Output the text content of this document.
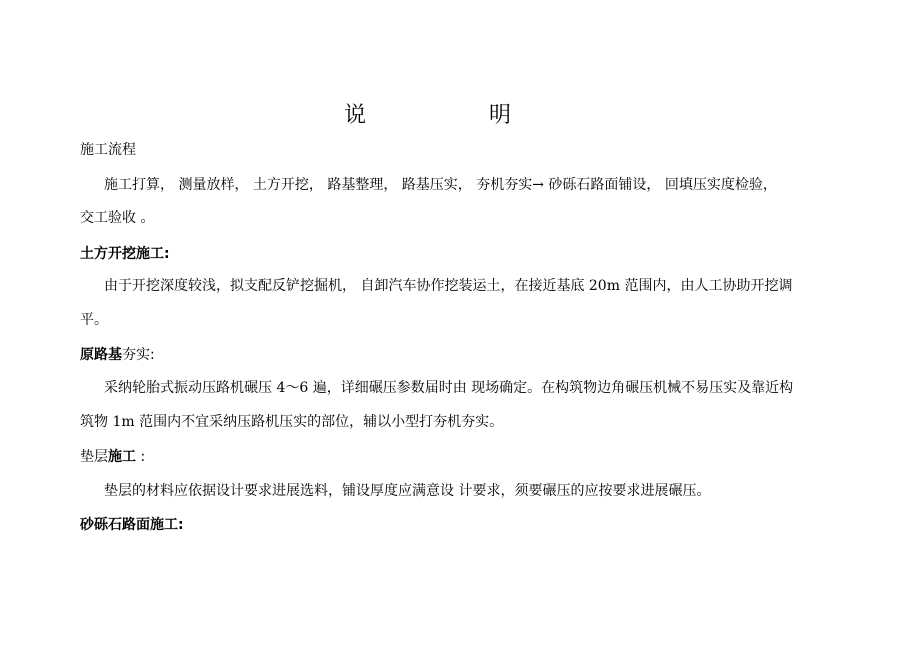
说	明
施工流程
施工打算， 测量放样， 土方开挖， 路基整理， 路基压实， 夯机夯实→ 砂砾石路面铺设， 回填压实度检验，
交工验收 。
土方开挖施工:
由于开挖深度较浅，拟支配反铲挖掘机， 自卸汽车协作挖装运土，在接近基底 20m 范围内，由人工协助开挖调
平。
原路基夯实:
采纳轮胎式振动压路机碾压 4～6 遍，详细碾压参数届时由 现场确定。在构筑物边角碾压机械不易压实及靠近构
筑物 1m 范围内不宜采纳压路机压实的部位，辅以小型打夯机夯实。
垫层施工 :
垫层的材料应依据设计要求进展选料，铺设厚度应满意设 计要求，须要碾压的应按要求进展碾压。
砂砾石路面施工:
